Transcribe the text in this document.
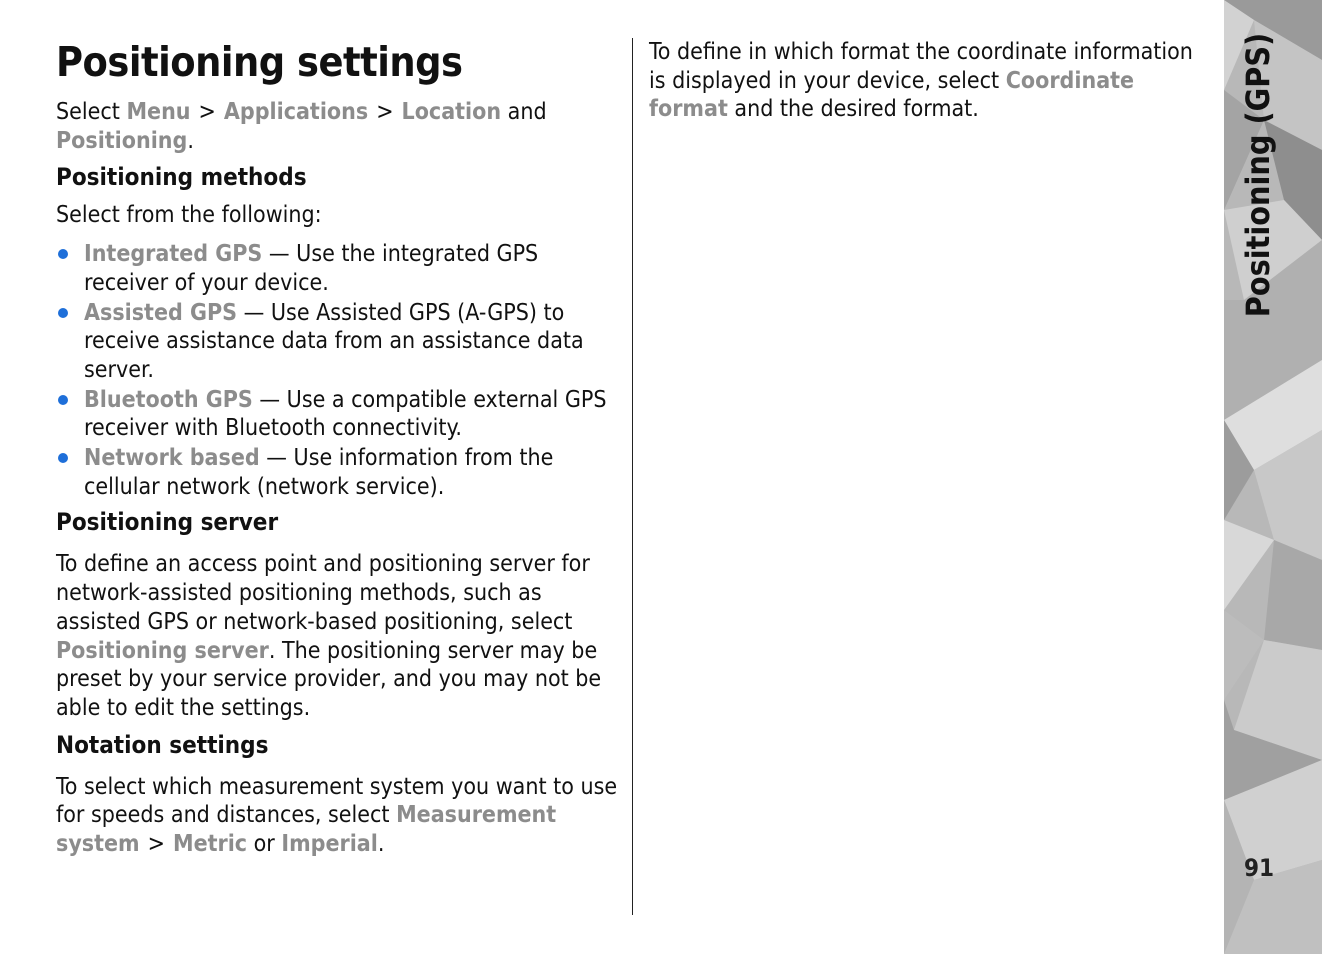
Positioning settings

Select Menu > Applications > Location and Positioning.

Positioning methods

Select from the following:

Integrated GPS — Use the integrated GPS receiver of your device.
Assisted GPS — Use Assisted GPS (A-GPS) to receive assistance data from an assistance data server.
Bluetooth GPS — Use a compatible external GPS receiver with Bluetooth connectivity.
Network based — Use information from the cellular network (network service).
Positioning server

To define an access point and positioning server for network-assisted positioning methods, such as assisted GPS or network-based positioning, select Positioning server. The positioning server may be preset by your service provider, and you may not be able to edit the settings.

Notation settings

To select which measurement system you want to use for speeds and distances, select Measurement system > Metric or Imperial.

To define in which format the coordinate information is displayed in your device, select Coordinate format and the desired format.	Positioning (GPS)
91
